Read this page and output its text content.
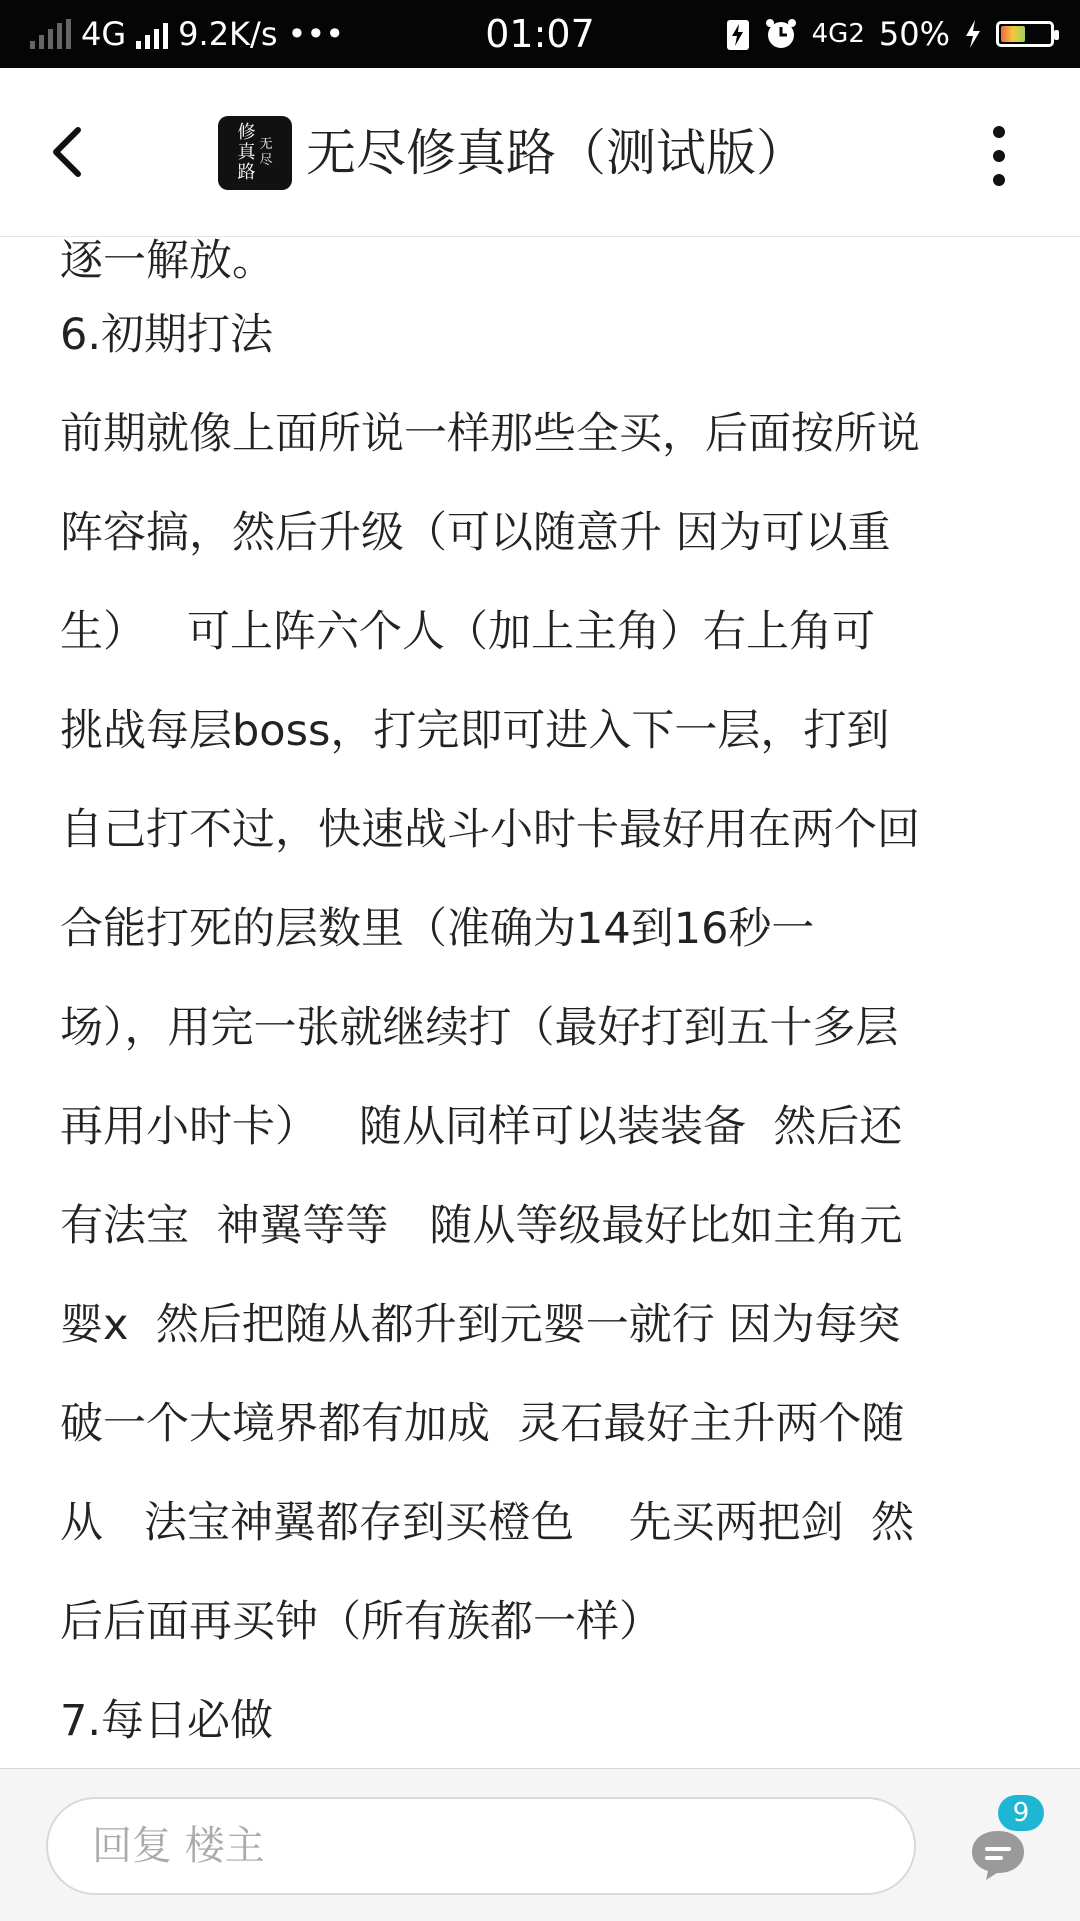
4G 9.2K/s •••	01:07	4G2 50%
修
真
路
无
尽 无尽修真路（测试版）
逐一解放。
6.初期打法
前期就像上面所说一样那些全买，后面按所说
阵容搞，然后升级（可以随意升 因为可以重
生）   可上阵六个人（加上主角）右上角可
挑战每层boss，打完即可进入下一层，打到
自己打不过，快速战斗小时卡最好用在两个回
合能打死的层数里（准确为14到16秒一
场），用完一张就继续打（最好打到五十多层
再用小时卡）   随从同样可以装装备  然后还
有法宝  神翼等等   随从等级最好比如主角元
婴x  然后把随从都升到元婴一就行 因为每突
破一个大境界都有加成  灵石最好主升两个随
从   法宝神翼都存到买橙色    先买两把剑  然
后后面再买钟（所有族都一样）
7.每日必做
回复 楼主
9
